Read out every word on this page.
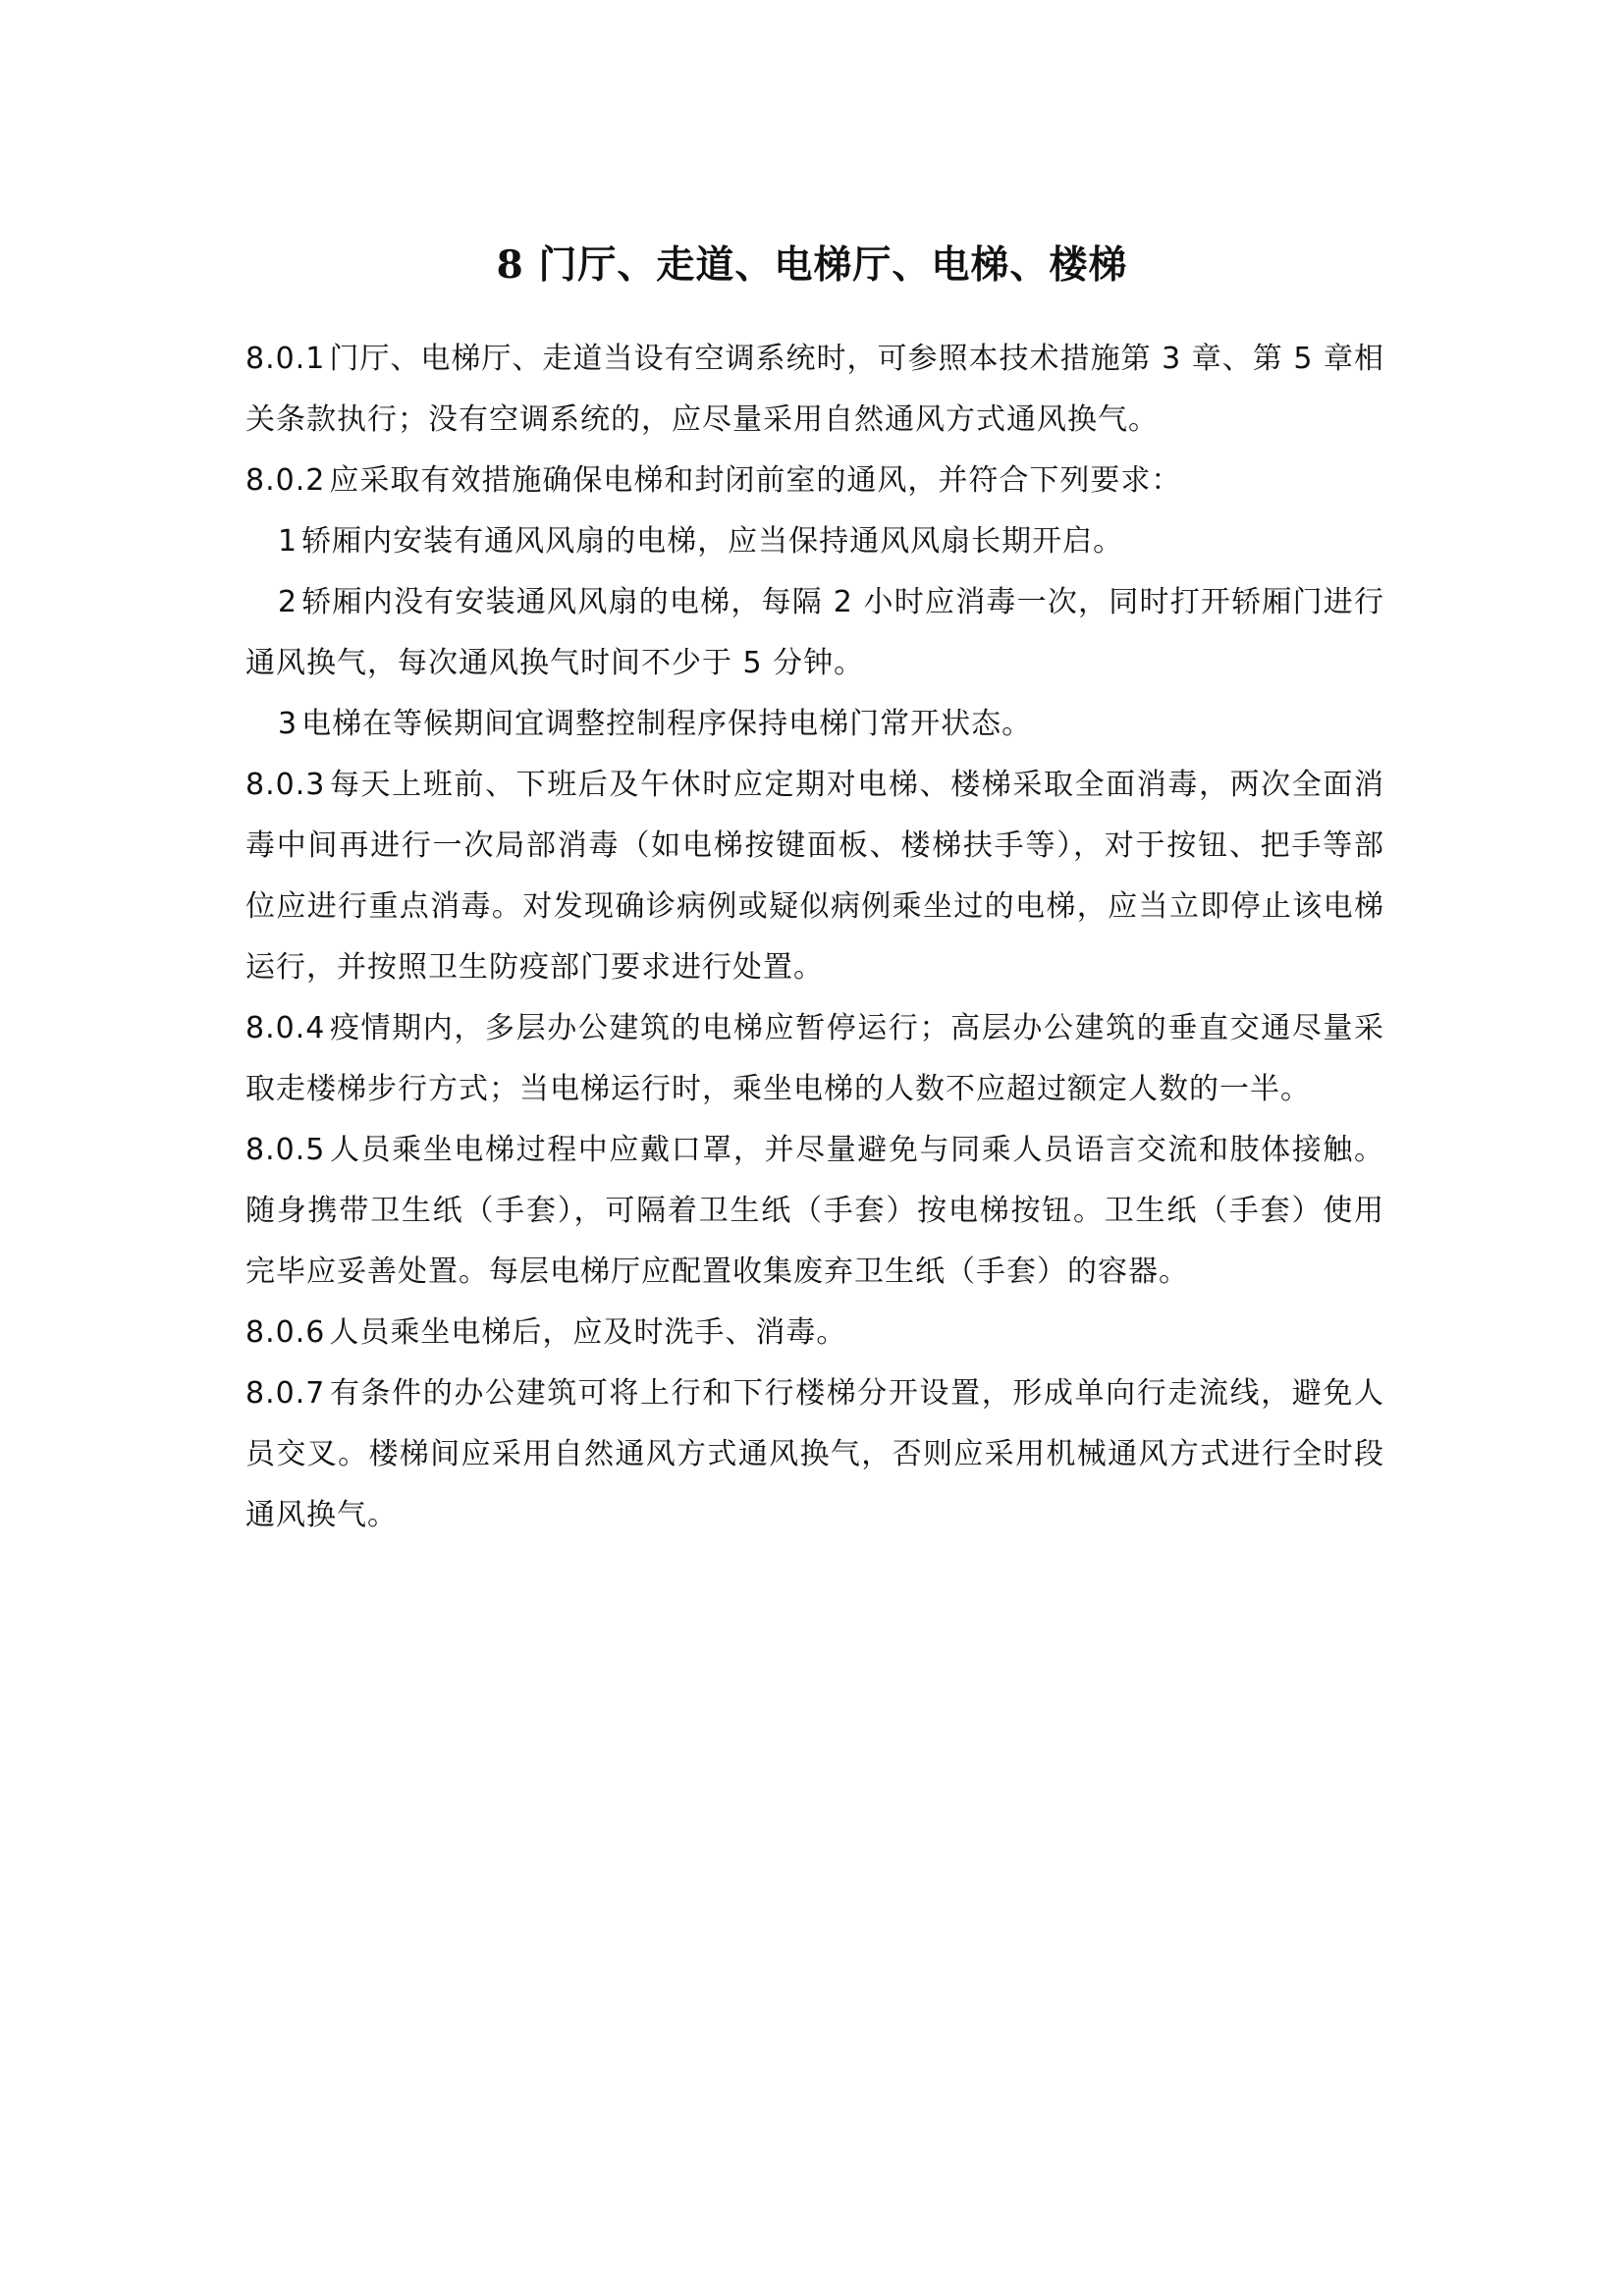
8 门厅、走道、电梯厅、电梯、楼梯

8.0.1 门厅、电梯厅、走道当设有空调系统时，可参照本技术措施第 3 章、第 5 章相关条款执行；没有空调系统的，应尽量采用自然通风方式通风换气。

8.0.2 应采取有效措施确保电梯和封闭前室的通风，并符合下列要求：

1 轿厢内安装有通风风扇的电梯，应当保持通风风扇长期开启。

2 轿厢内没有安装通风风扇的电梯，每隔 2 小时应消毒一次，同时打开轿厢门进行通风换气，每次通风换气时间不少于 5 分钟。

3 电梯在等候期间宜调整控制程序保持电梯门常开状态。

8.0.3 每天上班前、下班后及午休时应定期对电梯、楼梯采取全面消毒，两次全面消毒中间再进行一次局部消毒（如电梯按键面板、楼梯扶手等），对于按钮、把手等部位应进行重点消毒。对发现确诊病例或疑似病例乘坐过的电梯，应当立即停止该电梯运行，并按照卫生防疫部门要求进行处置。

8.0.4 疫情期内，多层办公建筑的电梯应暂停运行；高层办公建筑的垂直交通尽量采取走楼梯步行方式；当电梯运行时，乘坐电梯的人数不应超过额定人数的一半。

8.0.5 人员乘坐电梯过程中应戴口罩，并尽量避免与同乘人员语言交流和肢体接触。随身携带卫生纸（手套），可隔着卫生纸（手套）按电梯按钮。卫生纸（手套）使用完毕应妥善处置。每层电梯厅应配置收集废弃卫生纸（手套）的容器。

8.0.6 人员乘坐电梯后，应及时洗手、消毒。

8.0.7 有条件的办公建筑可将上行和下行楼梯分开设置，形成单向行走流线，避免人员交叉。楼梯间应采用自然通风方式通风换气，否则应采用机械通风方式进行全时段通风换气。
